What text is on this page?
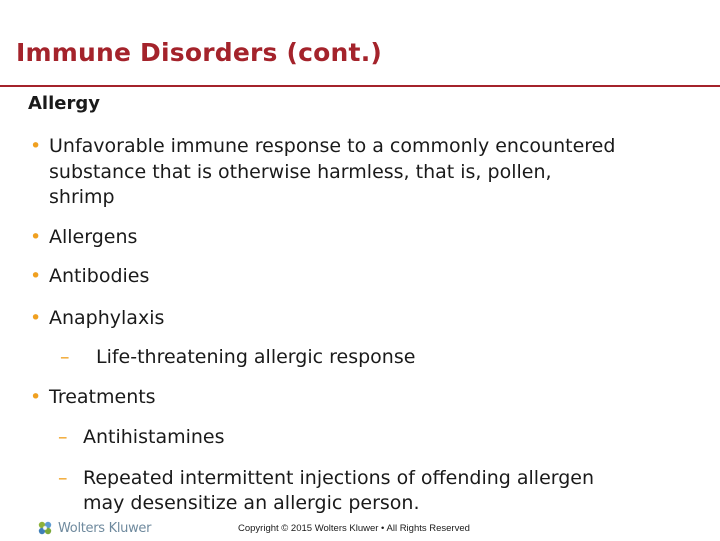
Immune Disorders (cont.)
Allergy
• Unfavorable immune response to a commonly encountered
substance that is otherwise harmless, that is, pollen,
shrimp
• Allergens
• Antibodies
• Anaphylaxis
– Life-threatening allergic response
• Treatments
– Antihistamines
– Repeated intermittent injections of offending allergen
may desensitize an allergic person.
Wolters Kluwer	Copyright © 2015 Wolters Kluwer • All Rights Reserved
